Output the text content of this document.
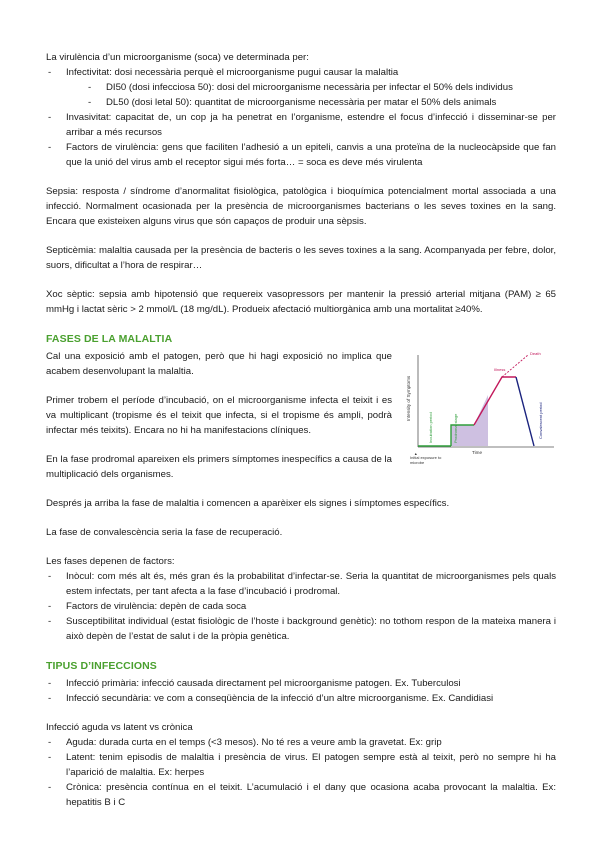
La virulència d’un microorganisme (soca) ve determinada per:

- Infectivitat: dosi necessària perquè el microorganisme pugui causar la malaltia
- DI50 (dosi infecciosa 50): dosi del microorganisme necessària per infectar el 50% dels individus
- DL50 (dosi letal 50): quantitat de microorganisme necessària per matar el 50% dels animals
- Invasivitat: capacitat de, un cop ja ha penetrat en l’organisme, estendre el focus d’infecció i disseminar-se per arribar a més recursos
- Factors de virulència: gens que faciliten l’adhesió a un epiteli, canvis a una proteïna de la nucleocàpside que fan que la unió del virus amb el receptor sigui més forta… = soca es deve més virulenta

Sepsia: resposta / síndrome d’anormalitat fisiològica, patològica i bioquímica potencialment mortal associada a una infecció. Normalment ocasionada per la presència de microorganismes bacterians o les seves toxines en la sang. Encara que existeixen alguns virus que són capaços de produir una sèpsis.

Septicèmia: malaltia causada per la presència de bacteris o les seves toxines a la sang. Acompanyada per febre, dolor, suors, dificultat a l’hora de respirar…

Xoc sèptic: sepsia amb hipotensió que requereix vasopressors per mantenir la pressió arterial mitjana (PAM) ≥ 65 mmHg i lactat sèric > 2 mmol/L (18 mg/dL). Produeix afectació multiorgànica amb una mortalitat ≥40%.

FASES DE LA MALALTIA

Cal una exposició amb el patogen, però que hi hagi exposició no implica que acabem desenvolupant la malaltia.

Primer trobem el període d’incubació, on el microorganisme infecta el teixit i es va multiplicant (tropisme és el teixit que infecta, si el tropisme és ampli, podrà infectar més teixits). Encara no hi ha manifestacions clíniques.

En la fase prodromal apareixen els primers símptomes inespecífics a causa de la multiplicació dels organismes.

Intensity of Symptoms
Time
Incubation period	Prodromal stage
Illness
Death
Convalescent period
▲
Initial exposure to microbe

Després ja arriba la fase de malaltia i comencen a aparèixer els signes i símptomes específics.

La fase de convalescència seria la fase de recuperació.

Les fases depenen de factors:

- Inòcul: com més alt és, més gran és la probabilitat d’infectar-se. Seria la quantitat de microorganismes pels quals estem infectats, per tant afecta a la fase d’incubació i prodromal.
- Factors de virulència: depèn de cada soca
- Susceptibilitat individual (estat fisiològic de l’hoste i background genètic): no tothom respon de la mateixa manera i això depèn de l’estat de salut i de la pròpia genètica.
TIPUS D’INFECCIONS
- Infecció primària: infecció causada directament pel microorganisme patogen. Ex. Tuberculosi
- Infecció secundària: ve com a conseqüència de la infecció d’un altre microorganisme. Ex. Candidiasi

Infecció aguda vs latent vs crònica

- Aguda: durada curta en el temps (<3 mesos). No té res a veure amb la gravetat. Ex: grip
- Latent: tenim episodis de malaltia i presència de virus. El patogen sempre està al teixit, però no sempre hi ha l’aparició de malaltia. Ex: herpes
- Crònica: presència contínua en el teixit. L’acumulació i el dany que ocasiona acaba provocant la malaltia. Ex: hepatitis B i C
